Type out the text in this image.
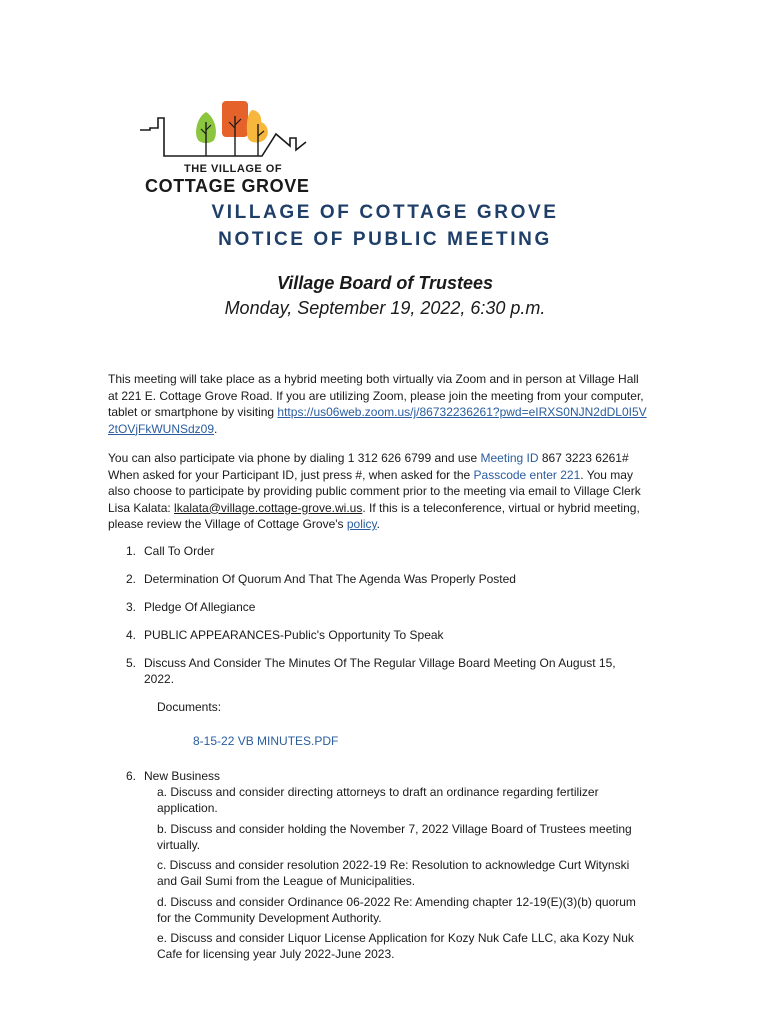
THE VILLAGE OF
COTTAGE GROVE
VILLAGE OF COTTAGE GROVE
NOTICE OF PUBLIC MEETING
Village Board of Trustees
Monday, September 19, 2022, 6:30 p.m.
This meeting will take place as a hybrid meeting both virtually via Zoom and in person at Village Hall at 221 E. Cottage Grove Road. If you are utilizing Zoom, please join the meeting from your computer, tablet or smartphone by visiting https://us06web.zoom.us/j/86732236261?pwd=eIRXS0NJN2dDL0I5V2tOVjFkWUNSdz09.
You can also participate via phone by dialing 1 312 626 6799 and use Meeting ID 867 3223 6261# When asked for your Participant ID, just press #, when asked for the Passcode enter 221. You may also choose to participate by providing public comment prior to the meeting via email to Village Clerk Lisa Kalata: lkalata@village.cottage-grove.wi.us. If this is a teleconference, virtual or hybrid meeting, please review the Village of Cottage Grove's policy.
1. Call To Order
2. Determination Of Quorum And That The Agenda Was Properly Posted
3. Pledge Of Allegiance
4. PUBLIC APPEARANCES-Public's Opportunity To Speak
5. Discuss And Consider The Minutes Of The Regular Village Board Meeting On August 15, 2022.
Documents:
8-15-22 VB MINUTES.PDF
6. New Business
a. Discuss and consider directing attorneys to draft an ordinance regarding fertilizer application.
b. Discuss and consider holding the November 7, 2022 Village Board of Trustees meeting virtually.
c. Discuss and consider resolution 2022-19 Re: Resolution to acknowledge Curt Witynski and Gail Sumi from the League of Municipalities.
d. Discuss and consider Ordinance 06-2022 Re: Amending chapter 12-19(E)(3)(b) quorum for the Community Development Authority.
e. Discuss and consider Liquor License Application for Kozy Nuk Cafe LLC, aka Kozy Nuk Cafe for licensing year July 2022-June 2023.
